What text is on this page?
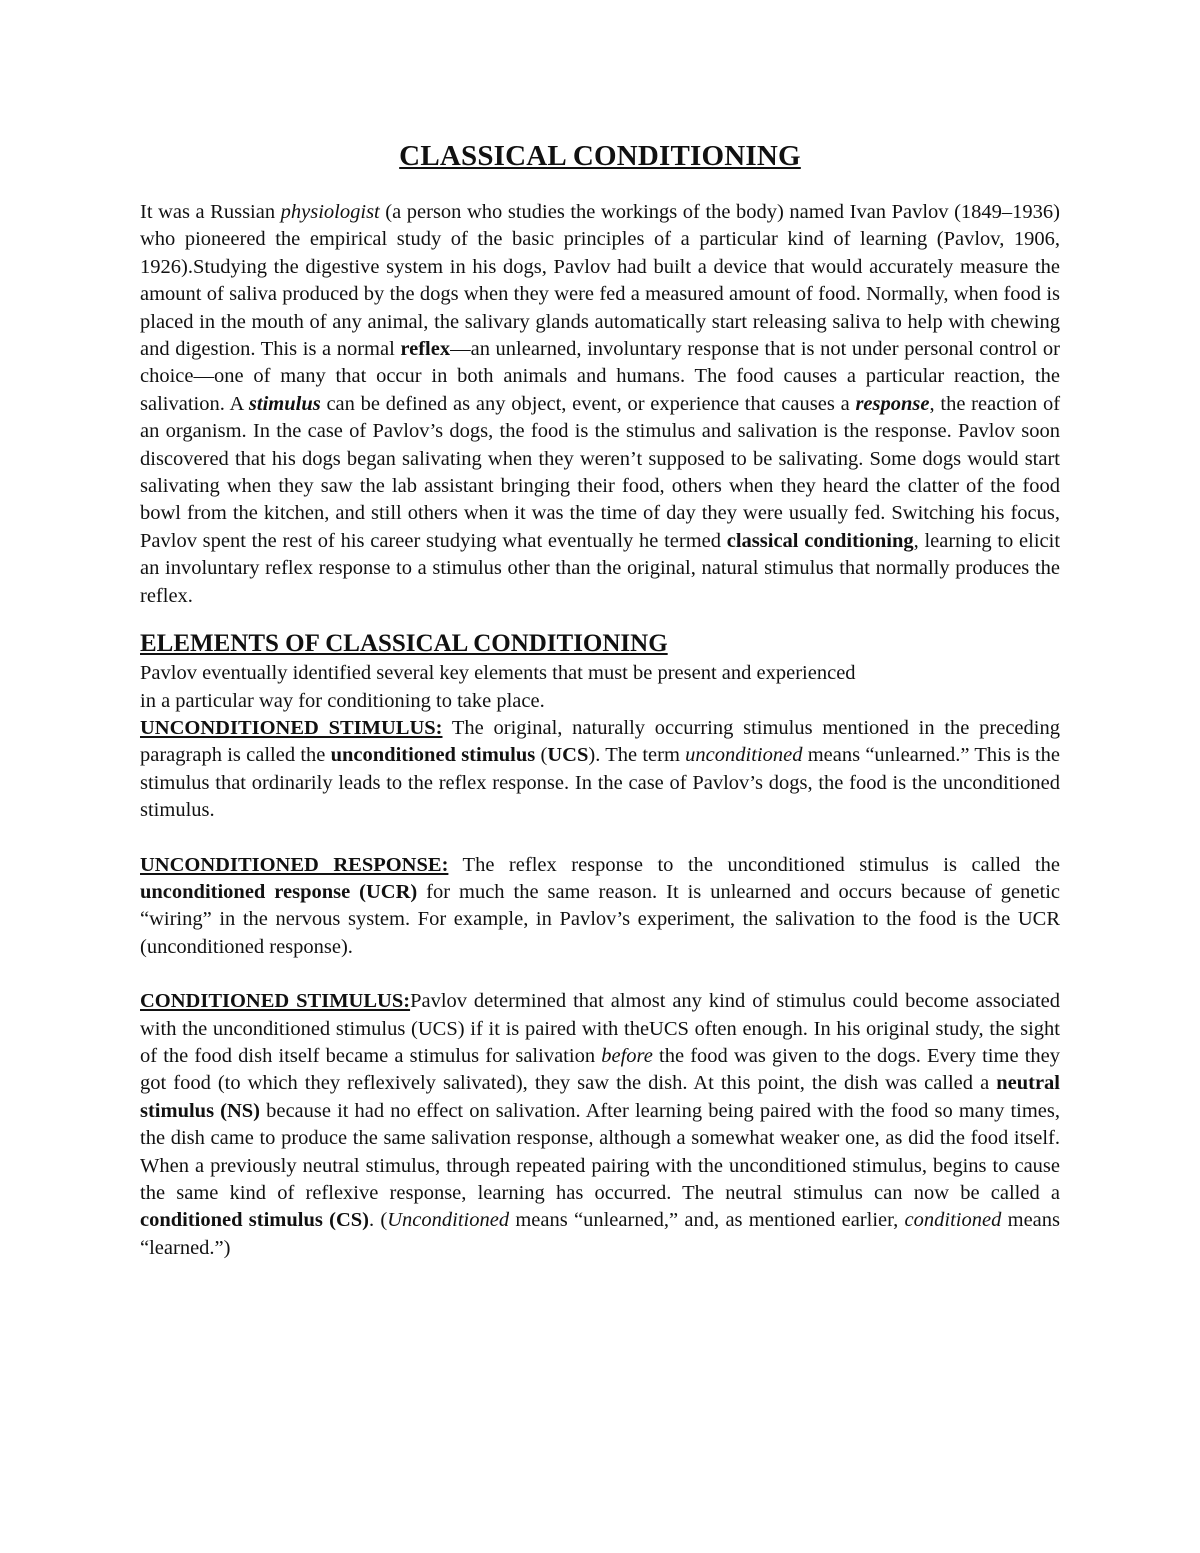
CLASSICAL CONDITIONING

It was a Russian physiologist (a person who studies the workings of the body) named Ivan Pavlov (1849–1936) who pioneered the empirical study of the basic principles of a particular kind of learning (Pavlov, 1906, 1926).Studying the digestive system in his dogs, Pavlov had built a device that would accurately measure the amount of saliva produced by the dogs when they were fed a measured amount of food. Normally, when food is placed in the mouth of any animal, the salivary glands automatically start releasing saliva to help with chewing and digestion. This is a normal reflex—an unlearned, involuntary response that is not under personal control or choice—one of many that occur in both animals and humans. The food causes a particular reaction, the salivation. A stimulus can be defined as any object, event, or experience that causes a response, the reaction of an organism. In the case of Pavlov’s dogs, the food is the stimulus and salivation is the response. Pavlov soon discovered that his dogs began salivating when they weren’t supposed to be salivating. Some dogs would start salivating when they saw the lab assistant bringing their food, others when they heard the clatter of the food bowl from the kitchen, and still others when it was the time of day they were usually fed. Switching his focus, Pavlov spent the rest of his career studying what eventually he termed classical conditioning, learning to elicit an involuntary reflex response to a stimulus other than the original, natural stimulus that normally produces the reflex.

ELEMENTS OF CLASSICAL CONDITIONING

Pavlov eventually identified several key elements that must be present and experienced

in a particular way for conditioning to take place.

UNCONDITIONED STIMULUS: The original, naturally occurring stimulus mentioned in the preceding paragraph is called the unconditioned stimulus (UCS). The term unconditioned means “unlearned.” This is the stimulus that ordinarily leads to the reflex response. In the case of Pavlov’s dogs, the food is the unconditioned stimulus.

UNCONDITIONED RESPONSE: The reflex response to the unconditioned stimulus is called the unconditioned response (UCR) for much the same reason. It is unlearned and occurs because of genetic “wiring” in the nervous system. For example, in Pavlov’s experiment, the salivation to the food is the UCR (unconditioned response).

CONDITIONED STIMULUS:Pavlov determined that almost any kind of stimulus could become associated with the unconditioned stimulus (UCS) if it is paired with theUCS often enough. In his original study, the sight of the food dish itself became a stimulus for salivation before the food was given to the dogs. Every time they got food (to which they reflexively salivated), they saw the dish. At this point, the dish was called a neutral stimulus (NS) because it had no effect on salivation. After learning being paired with the food so many times, the dish came to produce the same salivation response, although a somewhat weaker one, as did the food itself. When a previously neutral stimulus, through repeated pairing with the unconditioned stimulus, begins to cause the same kind of reflexive response, learning has occurred. The neutral stimulus can now be called a conditioned stimulus (CS). (Unconditioned means “unlearned,” and, as mentioned earlier, conditioned means “learned.”)
